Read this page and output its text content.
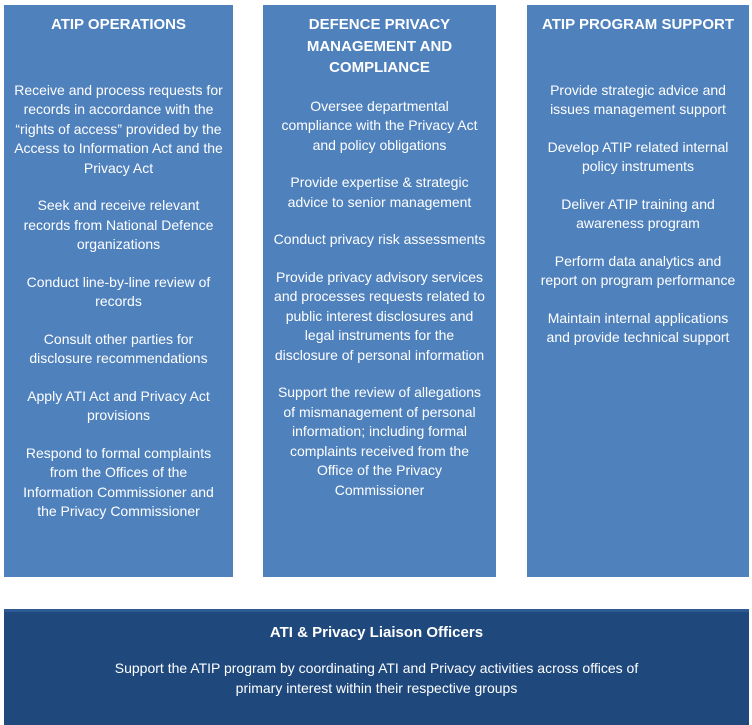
ATIP OPERATIONS
Receive and process requests for records in accordance with the “rights of access” provided by the Access to Information Act and the Privacy Act
Seek and receive relevant records from National Defence organizations
Conduct line-by-line review of records
Consult other parties for disclosure recommendations
Apply ATI Act and Privacy Act provisions
Respond to formal complaints from the Offices of the Information Commissioner and the Privacy Commissioner
DEFENCE PRIVACY MANAGEMENT AND COMPLIANCE
Oversee departmental compliance with the Privacy Act and policy obligations
Provide expertise & strategic advice to senior management
Conduct privacy risk assessments
Provide privacy advisory services and processes requests related to public interest disclosures and legal instruments for the disclosure of personal information
Support the review of allegations of mismanagement of personal information; including formal complaints received from the Office of the Privacy Commissioner
ATIP PROGRAM SUPPORT
Provide strategic advice and issues management support
Develop ATIP related internal policy instruments
Deliver ATIP training and awareness program
Perform data analytics and report on program performance
Maintain internal applications and provide technical support
ATI & Privacy Liaison Officers
Support the ATIP program by coordinating ATI and Privacy activities across offices of primary interest within their respective groups
